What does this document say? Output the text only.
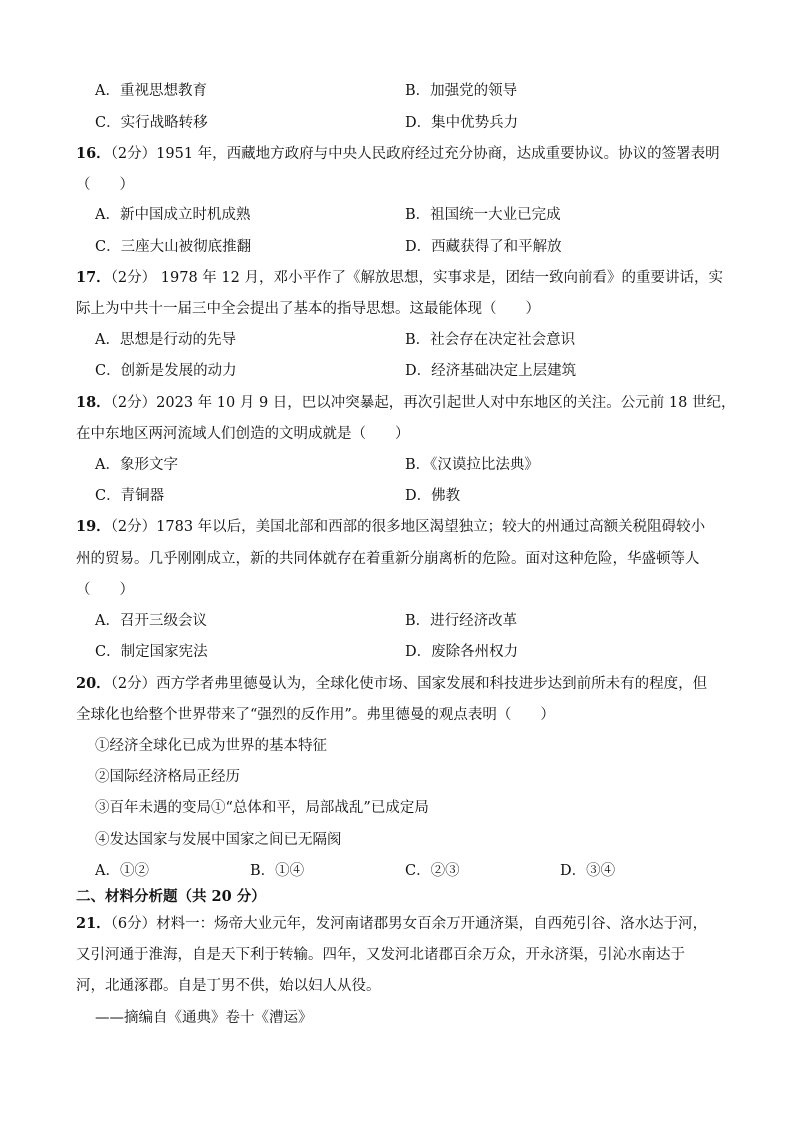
A．重视思想教育	B．加强党的领导
C．实行战略转移	D．集中优势兵力
16．（2分）1951 年，西藏地方政府与中央人民政府经过充分协商，达成重要协议。协议的签署表明
（　　）
A．新中国成立时机成熟	B．祖国统一大业已完成
C．三座大山被彻底推翻	D．西藏获得了和平解放
17．（2分） 1978 年 12 月，邓小平作了《解放思想，实事求是，团结一致向前看》的重要讲话，实
际上为中共十一届三中全会提出了基本的指导思想。这最能体现（　　）
A．思想是行动的先导	B．社会存在决定社会意识
C．创新是发展的动力	D．经济基础决定上层建筑
18．（2分）2023 年 10 月 9 日，巴以冲突暴起，再次引起世人对中东地区的关注。公元前 18 世纪，
在中东地区两河流域人们创造的文明成就是（　　）
A．象形文字	B．《汉谟拉比法典》
C．青铜器	D．佛教
19．（2分）1783 年以后，美国北部和西部的很多地区渴望独立；较大的州通过高额关税阻碍较小
州的贸易。几乎刚刚成立，新的共同体就存在着重新分崩离析的危险。面对这种危险，华盛顿等人
（　　）
A．召开三级会议	B．进行经济改革
C．制定国家宪法	D．废除各州权力
20．（2分）西方学者弗里德曼认为，全球化使市场、国家发展和科技进步达到前所未有的程度，但
全球化也给整个世界带来了“强烈的反作用”。弗里德曼的观点表明（　　）
①经济全球化已成为世界的基本特征
②国际经济格局正经历
③百年未遇的变局①“总体和平，局部战乱”已成定局
④发达国家与发展中国家之间已无隔阂
A．①②	B．①④	C．②③	D．③④
二、材料分析题（共 20 分）
21．（6分）材料一：炀帝大业元年，发河南诸郡男女百余万开通济渠，自西苑引谷、洛水达于河，
又引河通于淮海，自是天下利于转输。四年，又发河北诸郡百余万众，开永济渠，引沁水南达于
河，北通涿郡。自是丁男不供，始以妇人从役。
——摘编自《通典》卷十《漕运》
